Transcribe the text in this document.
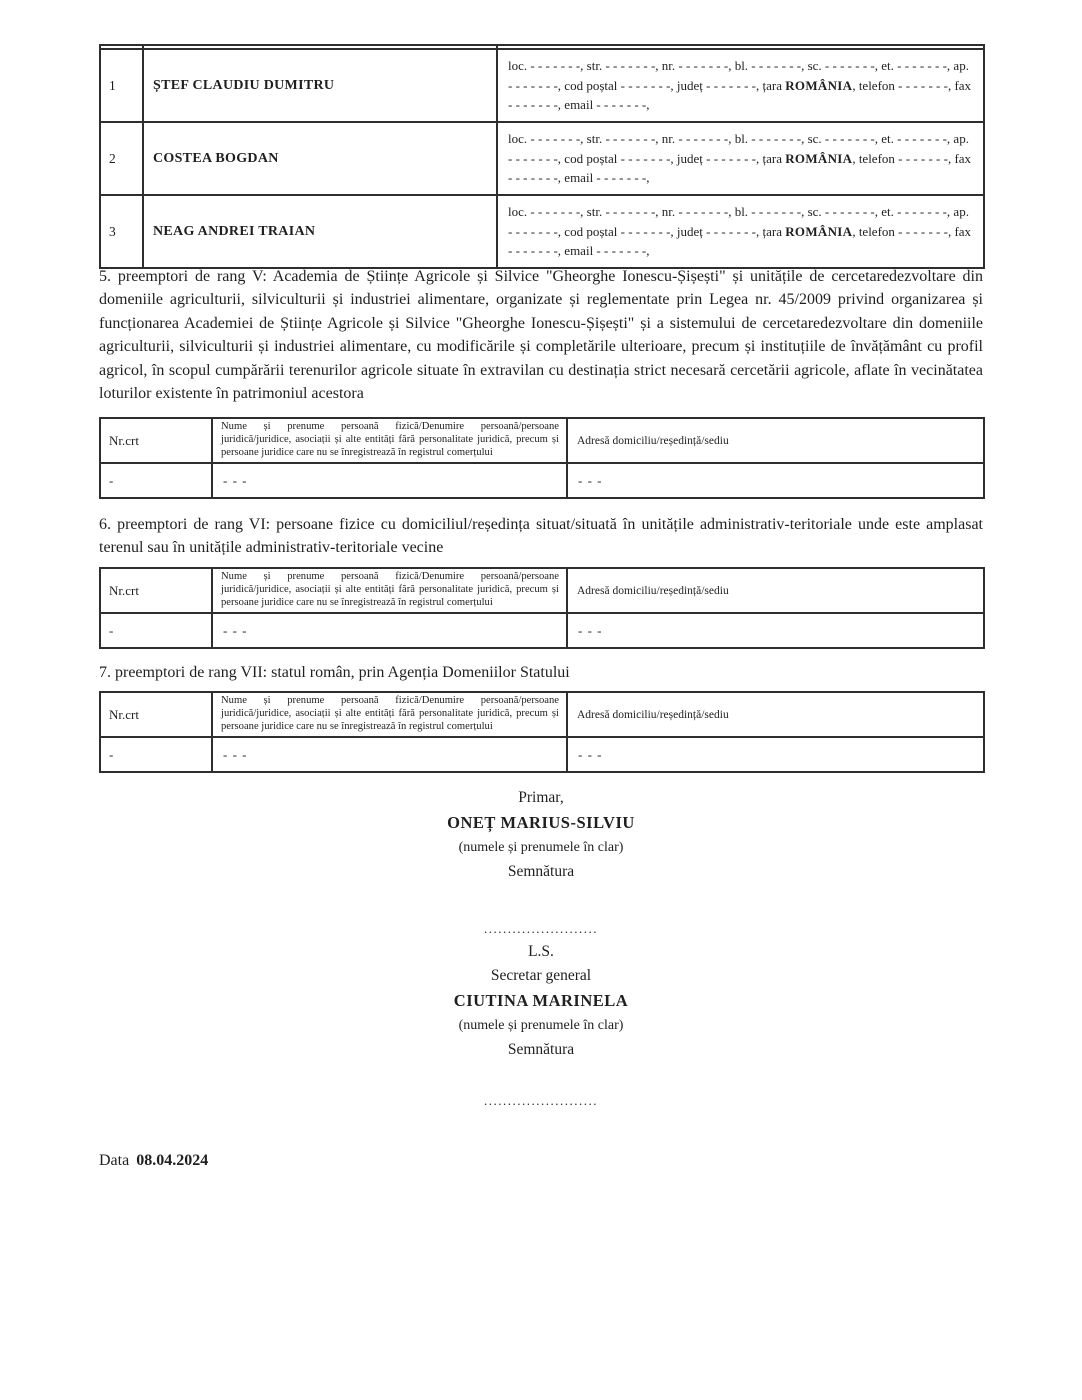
1	ȘTEF CLAUDIU DUMITRU	loc. - - - - - - -, str. - - - - - - -, nr. - - - - - - -, bl. - - - - - - -, sc. - - - - - - -, et. - - - - - - -, ap. - - - - - - -, cod poștal - - - - - - -, județ - - - - - - -, țara ROMÂNIA, telefon - - - - - - -, fax - - - - - - -, email - - - - - - -,
2	COSTEA BOGDAN	loc. - - - - - - -, str. - - - - - - -, nr. - - - - - - -, bl. - - - - - - -, sc. - - - - - - -, et. - - - - - - -, ap. - - - - - - -, cod poștal - - - - - - -, județ - - - - - - -, țara ROMÂNIA, telefon - - - - - - -, fax - - - - - - -, email - - - - - - -,
3	NEAG ANDREI TRAIAN	loc. - - - - - - -, str. - - - - - - -, nr. - - - - - - -, bl. - - - - - - -, sc. - - - - - - -, et. - - - - - - -, ap. - - - - - - -, cod poștal - - - - - - -, județ - - - - - - -, țara ROMÂNIA, telefon - - - - - - -, fax - - - - - - -, email - - - - - - -,

5. preemptori de rang V: Academia de Științe Agricole și Silvice "Gheorghe Ionescu-Șișești" și unitățile de cercetaredezvoltare din domeniile agriculturii, silviculturii și industriei alimentare, organizate și reglementate prin Legea nr. 45/2009 privind organizarea și funcționarea Academiei de Științe Agricole și Silvice "Gheorghe Ionescu-Șișești" și a sistemului de cercetaredezvoltare din domeniile agriculturii, silviculturii și industriei alimentare, cu modificările și completările ulterioare, precum și instituțiile de învățământ cu profil agricol, în scopul cumpărării terenurilor agricole situate în extravilan cu destinația strict necesară cercetării agricole, aflate în vecinătatea loturilor existente în patrimoniul acestora

Nr.crt	Nume și prenume persoană fizică/Denumire persoană/persoane juridică/juridice, asociații și alte entități fără personalitate juridică, precum și persoane juridice care nu se înregistrează în registrul comerțului	Adresă domiciliu/reședință/sediu
-	- - -	- - -

6. preemptori de rang VI: persoane fizice cu domiciliul/reședința situat/situată în unitățile administrativ-teritoriale unde este amplasat terenul sau în unitățile administrativ-teritoriale vecine

Nr.crt	Nume și prenume persoană fizică/Denumire persoană/persoane juridică/juridice, asociații și alte entități fără personalitate juridică, precum și persoane juridice care nu se înregistrează în registrul comerțului	Adresă domiciliu/reședință/sediu
-	- - -	- - -

7. preemptori de rang VII: statul român, prin Agenția Domeniilor Statului

Nr.crt	Nume și prenume persoană fizică/Denumire persoană/persoane juridică/juridice, asociații și alte entități fără personalitate juridică, precum și persoane juridice care nu se înregistrează în registrul comerțului	Adresă domiciliu/reședință/sediu
-	- - -	- - -
Primar,
ONEȚ MARIUS-SILVIU
(numele și prenumele în clar)
Semnătura
........................
L.S.
Secretar general
CIUTINA MARINELA
(numele și prenumele în clar)
Semnătura
........................

Data 08.04.2024
